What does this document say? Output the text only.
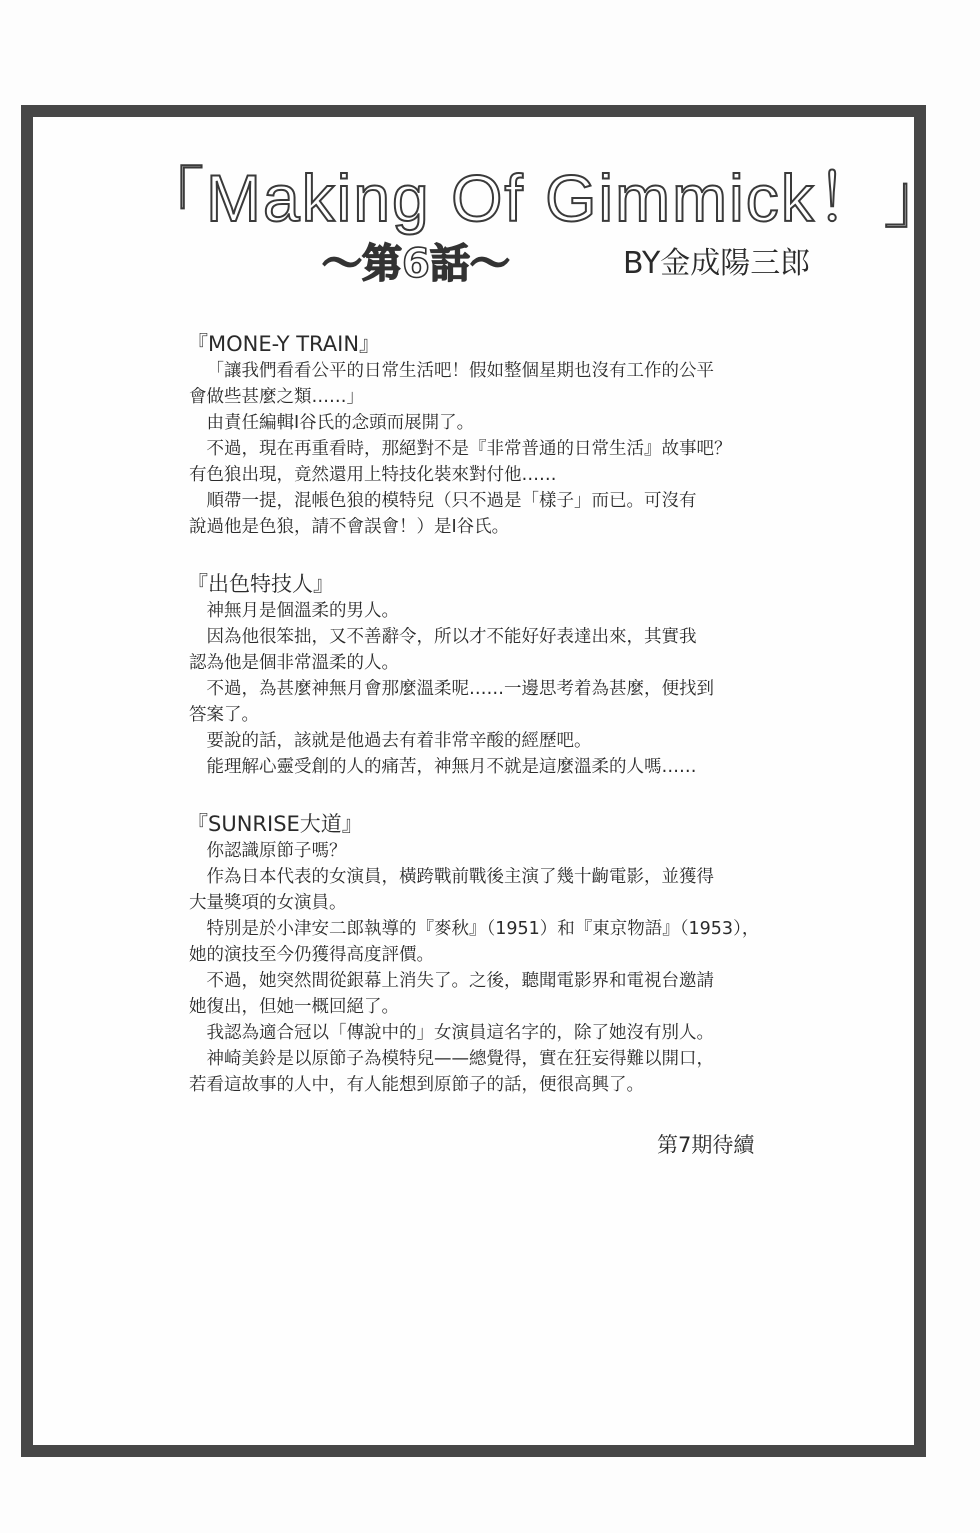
「Making Of Gimmick！」
～第6話～	BY金成陽三郎
『MONE-Y TRAIN』

「讓我們看看公平的日常生活吧！假如整個星期也沒有工作的公平
會做些甚麼之類……」

由責任編輯I谷氏的念頭而展開了。

不過，現在再重看時，那絕對不是『非常普通的日常生活』故事吧？
有色狼出現，竟然還用上特技化裝來對付他……

順帶一提，混帳色狼的模特兒（只不過是「樣子」而已。可沒有
說過他是色狼，請不會誤會！）是I谷氏。

『出色特技人』

神無月是個溫柔的男人。

因為他很笨拙，又不善辭令，所以才不能好好表達出來，其實我
認為他是個非常溫柔的人。

不過，為甚麼神無月會那麼溫柔呢……一邊思考着為甚麼，便找到
答案了。

要說的話，該就是他過去有着非常辛酸的經歷吧。

能理解心靈受創的人的痛苦，神無月不就是這麼溫柔的人嗎……

『SUNRISE大道』

你認識原節子嗎？

作為日本代表的女演員，橫跨戰前戰後主演了幾十齣電影，並獲得
大量獎項的女演員。

特別是於小津安二郎執導的『麥秋』（1951）和『東京物語』（1953），
她的演技至今仍獲得高度評價。

不過，她突然間從銀幕上消失了。之後，聽聞電影界和電視台邀請
她復出，但她一概回絕了。

我認為適合冠以「傳說中的」女演員這名字的，除了她沒有別人。

神崎美鈴是以原節子為模特兒——總覺得，實在狂妄得難以開口，
若看這故事的人中，有人能想到原節子的話，便很高興了。

第7期待續
